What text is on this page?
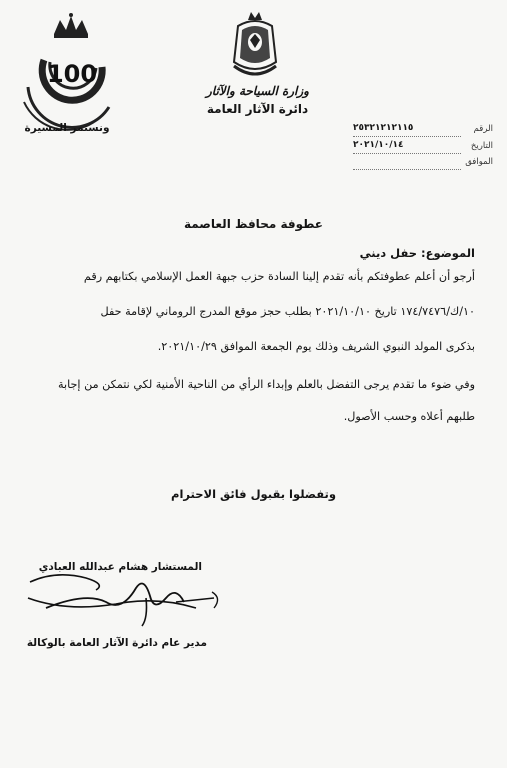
100
ونستمر المسيرة
وزارة السياحة والآثار
دائرة الآثار العامة
الرقم
٢٥٣٢١٢١٢١١٥
التاريخ
٢٠٢١/١٠/١٤
الموافق
عطوفة محافظ العاصمة
الموضوع: حفل ديني
أرجو أن أعلم عطوفتكم بأنه تقدم إلينا السادة حزب جبهة العمل الإسلامي بكتابهم رقم
١٠/ك/١٧٤/٧٤٧٦ تاريخ ٢٠٢١/١٠/١٠ بطلب حجز موقع المدرج الروماني لإقامة حفل
بذكرى المولد النبوي الشريف وذلك يوم الجمعة الموافق ٢٠٢١/١٠/٢٩.
وفي ضوء ما تقدم يرجى التفضل بالعلم وإبداء الرأي من الناحية الأمنية لكي نتمكن من إجابة
طلبهم أعلاه وحسب الأصول.
وتفضلوا بقبول فائق الاحترام
المستشار هشام عبدالله العبادي
مدير عام دائرة الآثار العامة بالوكالة
